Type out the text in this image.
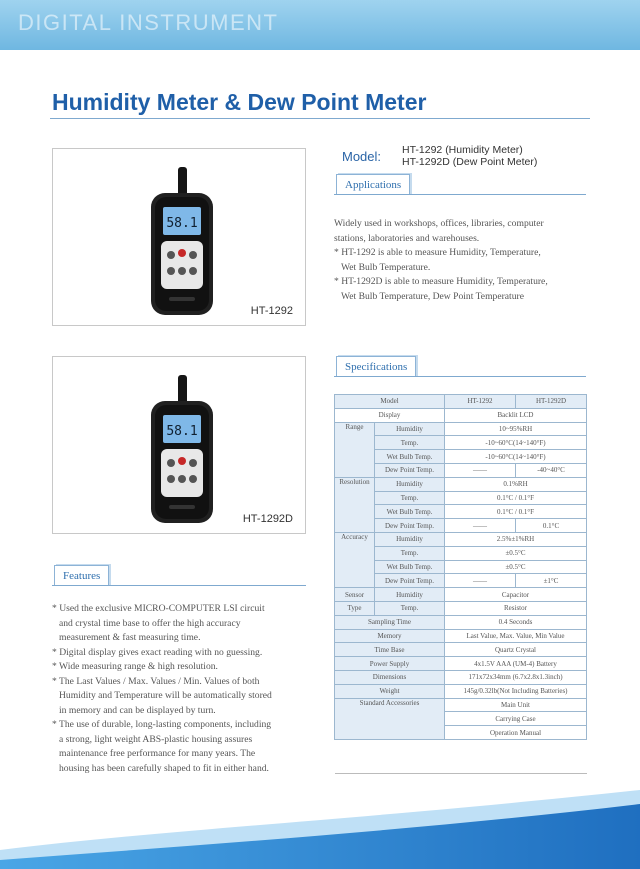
DIGITAL INSTRUMENT
Humidity Meter & Dew Point Meter
58.1
HT-1292
58.1
HT-1292D
Model: HT-1292 (Humidity Meter)
HT-1292D (Dew Point Meter)
Applications

Widely used in workshops, offices, libraries, computer

stations, laboratories and warehouses.

* HT-1292 is able to measure Humidity, Temperature,

Wet Bulb Temperature.

* HT-1292D is able to measure Humidity, Temperature,

Wet Bulb Temperature, Dew Point Temperature

Specifications
Model		HT-1292	HT-1292D
Display		Backlit LCD	
Range	Humidity	10~95%RH	
	Temp.	-10~60°C(14~140°F)	
	Wet Bulb Temp.	-10~60°C(14~140°F)	
	Dew Point Temp.	——	-40~40°C
Resolution	Humidity	0.1%RH	
	Temp.	0.1°C / 0.1°F	
	Wet Bulb Temp.	0.1°C / 0.1°F	
	Dew Point Temp.	——	0.1°C
Accuracy	Humidity	2.5%±1%RH	
	Temp.	±0.5°C	
	Wet Bulb Temp.	±0.5°C	
	Dew Point Temp.	——	±1°C
Sensor	Humidity	Capacitor	
Type	Temp.	Resistor	
Sampling Time		0.4 Seconds	
Memory		Last Value, Max. Value, Min Value	
Time Base		Quartz Crystal	
Power Supply		4x1.5V AAA (UM-4) Battery	
Dimensions		171x72x34mm (6.7x2.8x1.3inch)	
Weight		145g/0.32lb(Not Including Batteries)	
Standard Accessories		Main Unit	
		Carrying Case	
		Operation Manual	
Features

* Used the exclusive MICRO-COMPUTER LSI circuit

and crystal time base to offer the high accuracy

measurement & fast measuring time.

* Digital display gives exact reading with no guessing.

* Wide measuring range & high resolution.

* The Last Values / Max. Values / Min. Values of both

Humidity and Temperature will be automatically stored

in memory and can be displayed by turn.

* The use of durable, long-lasting components, including

a strong, light weight ABS-plastic housing assures

maintenance free performance for many years. The

housing has been carefully shaped to fit in either hand.
